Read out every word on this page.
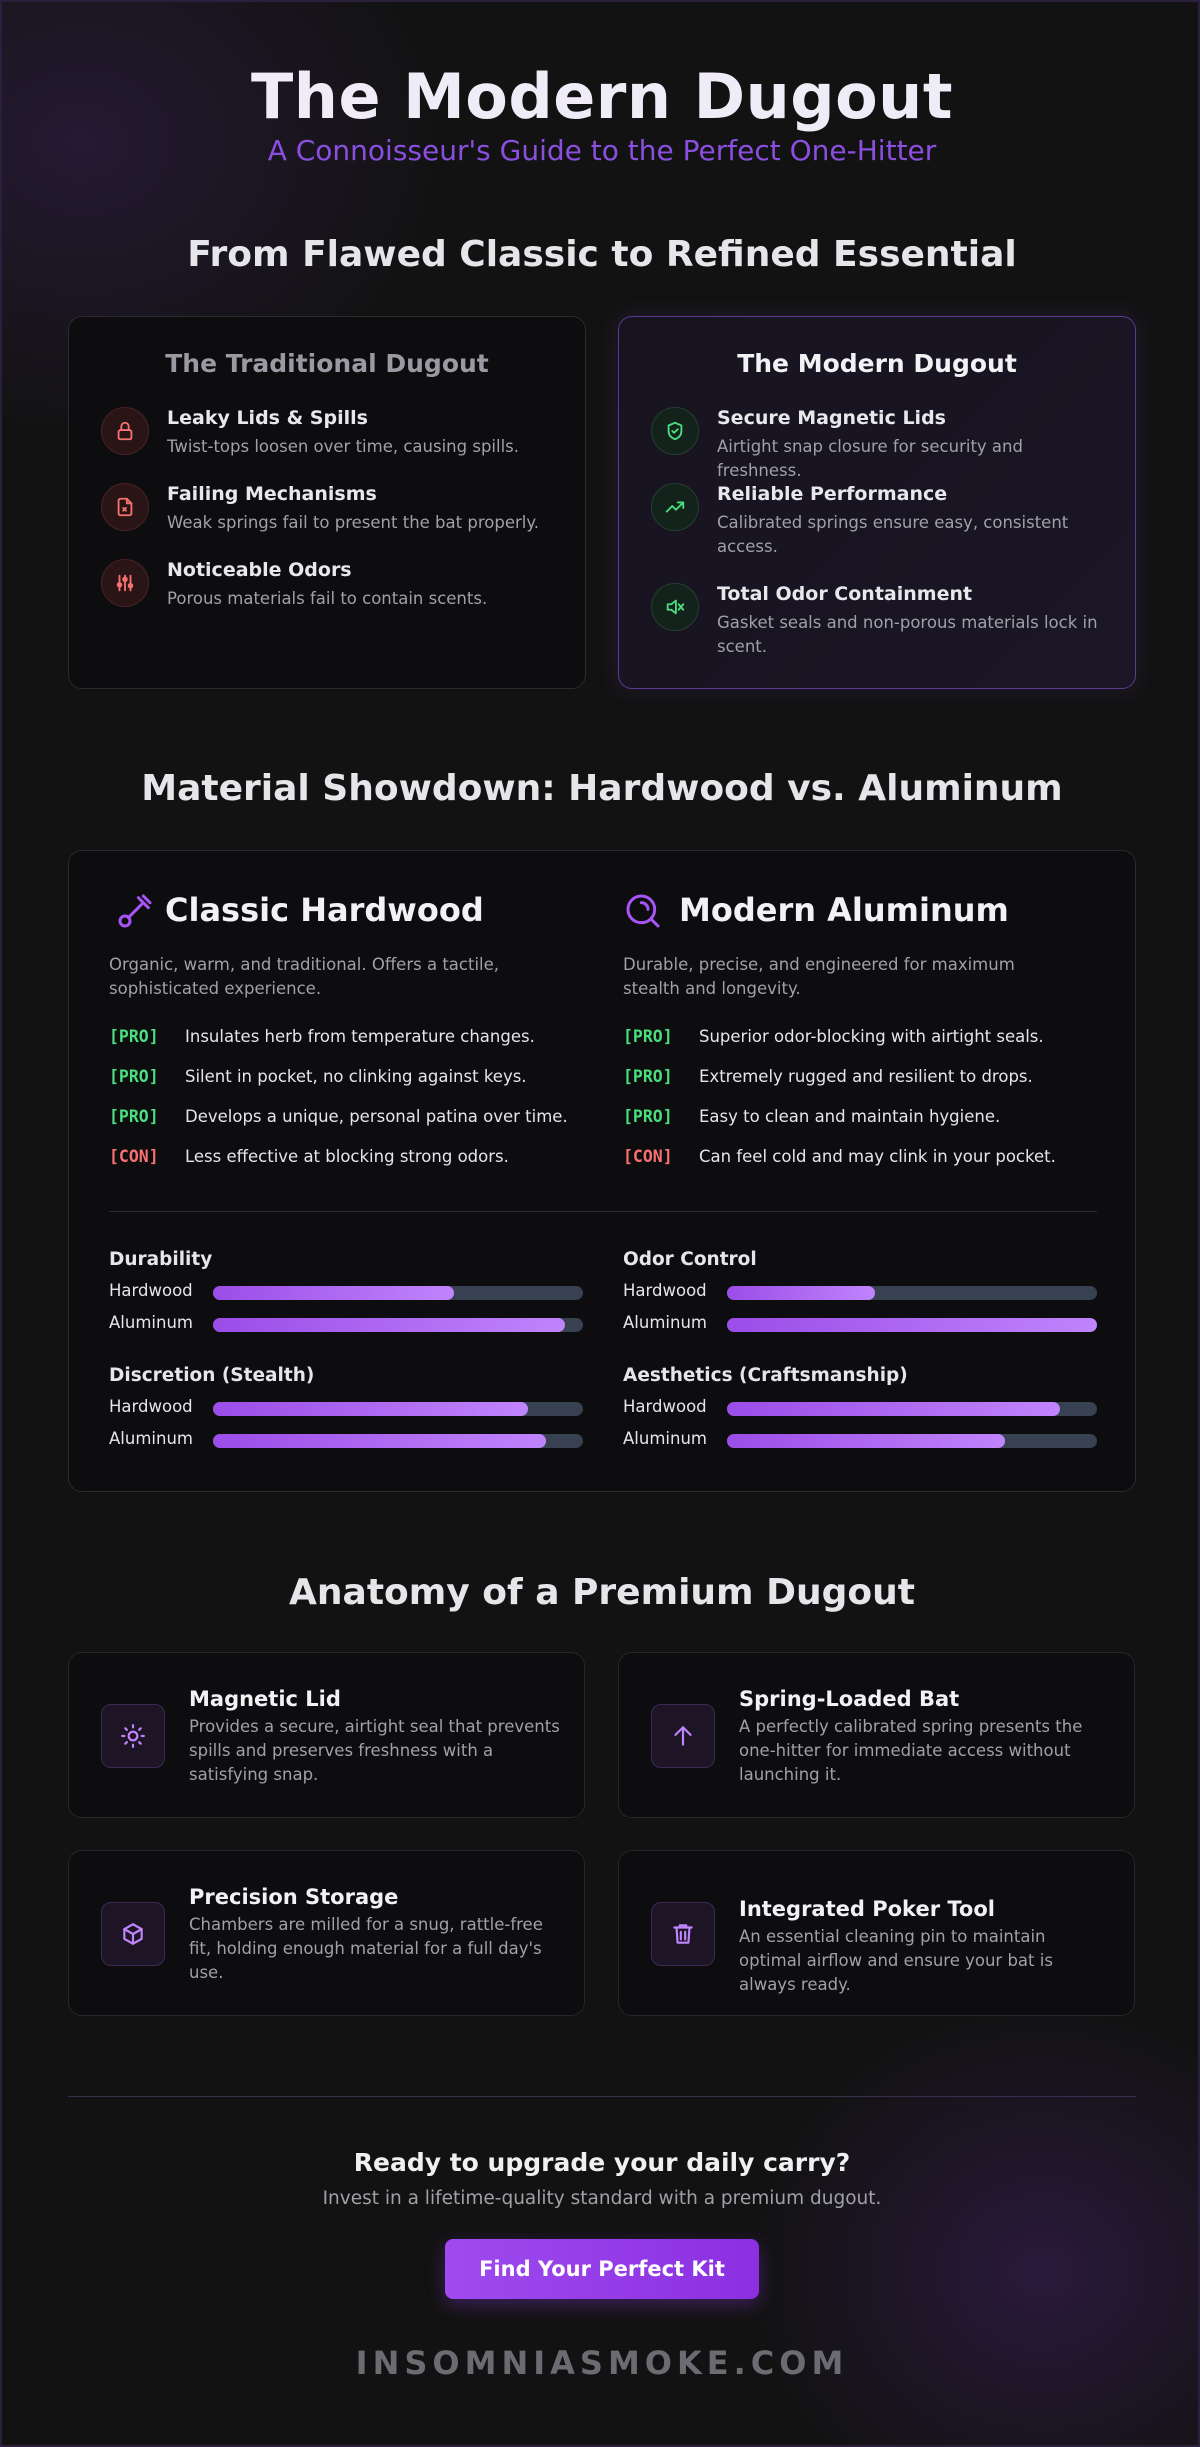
The Modern Dugout
A Connoisseur's Guide to the Perfect One-Hitter
From Flawed Classic to Refined Essential
The Traditional Dugout
Leaky Lids & Spills
Twist-tops loosen over time, causing spills.
Failing Mechanisms
Weak springs fail to present the bat properly.
Noticeable Odors
Porous materials fail to contain scents.
The Modern Dugout
Secure Magnetic Lids
Airtight snap closure for security and freshness.
Reliable Performance
Calibrated springs ensure easy, consistent access.
Total Odor Containment
Gasket seals and non-porous materials lock in scent.
Material Showdown: Hardwood vs. Aluminum
Classic Hardwood
Organic, warm, and traditional. Offers a tactile, sophisticated experience.
[PRO] Insulates herb from temperature changes.
[PRO] Silent in pocket, no clinking against keys.
[PRO] Develops a unique, personal patina over time.
[CON] Less effective at blocking strong odors.
Modern Aluminum
Durable, precise, and engineered for maximum stealth and longevity.
[PRO] Superior odor-blocking with airtight seals.
[PRO] Extremely rugged and resilient to drops.
[PRO] Easy to clean and maintain hygiene.
[CON] Can feel cold and may clink in your pocket.
Durability
Hardwood
Aluminum
Odor Control
Hardwood
Aluminum
Discretion (Stealth)
Hardwood
Aluminum
Aesthetics (Craftsmanship)
Hardwood
Aluminum
Anatomy of a Premium Dugout
Magnetic Lid
Provides a secure, airtight seal that prevents spills and preserves freshness with a satisfying snap.
Spring-Loaded Bat
A perfectly calibrated spring presents the one-hitter for immediate access without launching it.
Precision Storage
Chambers are milled for a snug, rattle-free fit, holding enough material for a full day's use.
Integrated Poker Tool
An essential cleaning pin to maintain optimal airflow and ensure your bat is always ready.
Ready to upgrade your daily carry?
Invest in a lifetime-quality standard with a premium dugout.
Find Your Perfect Kit
INSOMNIASMOKE.COM
